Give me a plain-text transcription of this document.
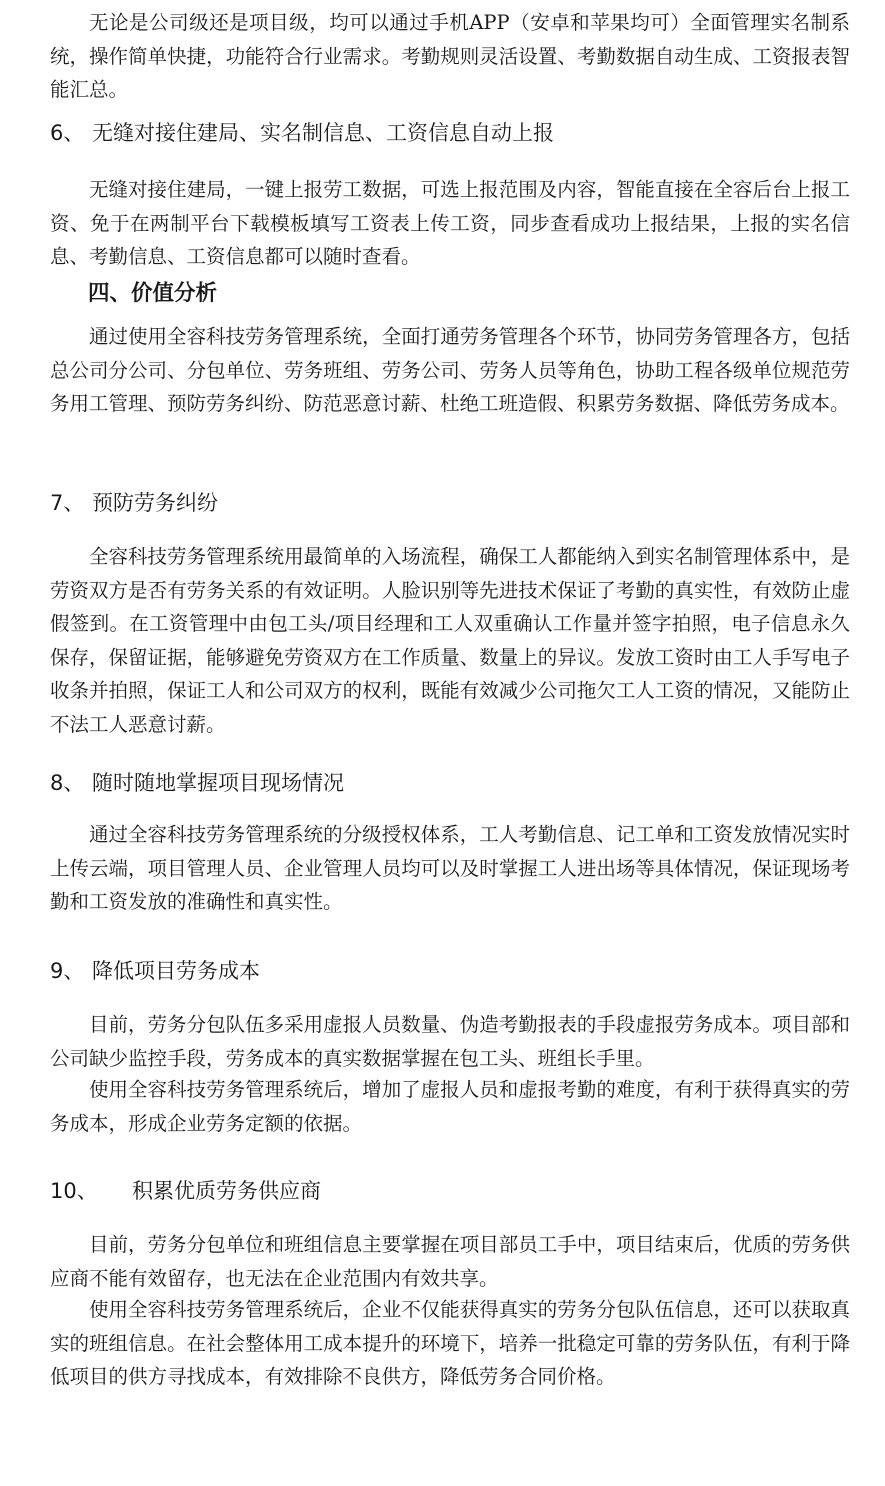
无论是公司级还是项目级，均可以通过手机APP（安卓和苹果均可）全面管理实名制系统，操作简单快捷，功能符合行业需求。考勤规则灵活设置、考勤数据自动生成、工资报表智能汇总。

6、 无缝对接住建局、实名制信息、工资信息自动上报

无缝对接住建局，一键上报劳工数据，可选上报范围及内容，智能直接在全容后台上报工资、免于在两制平台下载模板填写工资表上传工资，同步查看成功上报结果，上报的实名信息、考勤信息、工资信息都可以随时查看。

四、价值分析

通过使用全容科技劳务管理系统，全面打通劳务管理各个环节，协同劳务管理各方，包括总公司分公司、分包单位、劳务班组、劳务公司、劳务人员等角色，协助工程各级单位规范劳务用工管理、预防劳务纠纷、防范恶意讨薪、杜绝工班造假、积累劳务数据、降低劳务成本。

7、 预防劳务纠纷

全容科技劳务管理系统用最简单的入场流程，确保工人都能纳入到实名制管理体系中，是劳资双方是否有劳务关系的有效证明。人脸识别等先进技术保证了考勤的真实性，有效防止虚假签到。在工资管理中由包工头/项目经理和工人双重确认工作量并签字拍照，电子信息永久保存，保留证据，能够避免劳资双方在工作质量、数量上的异议。发放工资时由工人手写电子收条并拍照，保证工人和公司双方的权利，既能有效减少公司拖欠工人工资的情况，又能防止不法工人恶意讨薪。

8、 随时随地掌握项目现场情况

通过全容科技劳务管理系统的分级授权体系，工人考勤信息、记工单和工资发放情况实时上传云端，项目管理人员、企业管理人员均可以及时掌握工人进出场等具体情况，保证现场考勤和工资发放的准确性和真实性。

9、 降低项目劳务成本

目前，劳务分包队伍多采用虚报人员数量、伪造考勤报表的手段虚报劳务成本。项目部和公司缺少监控手段，劳务成本的真实数据掌握在包工头、班组长手里。

使用全容科技劳务管理系统后，增加了虚报人员和虚报考勤的难度，有利于获得真实的劳务成本，形成企业劳务定额的依据。

10、 积累优质劳务供应商

目前，劳务分包单位和班组信息主要掌握在项目部员工手中，项目结束后，优质的劳务供应商不能有效留存，也无法在企业范围内有效共享。

使用全容科技劳务管理系统后，企业不仅能获得真实的劳务分包队伍信息，还可以获取真实的班组信息。在社会整体用工成本提升的环境下，培养一批稳定可靠的劳务队伍，有利于降低项目的供方寻找成本，有效排除不良供方，降低劳务合同价格。
